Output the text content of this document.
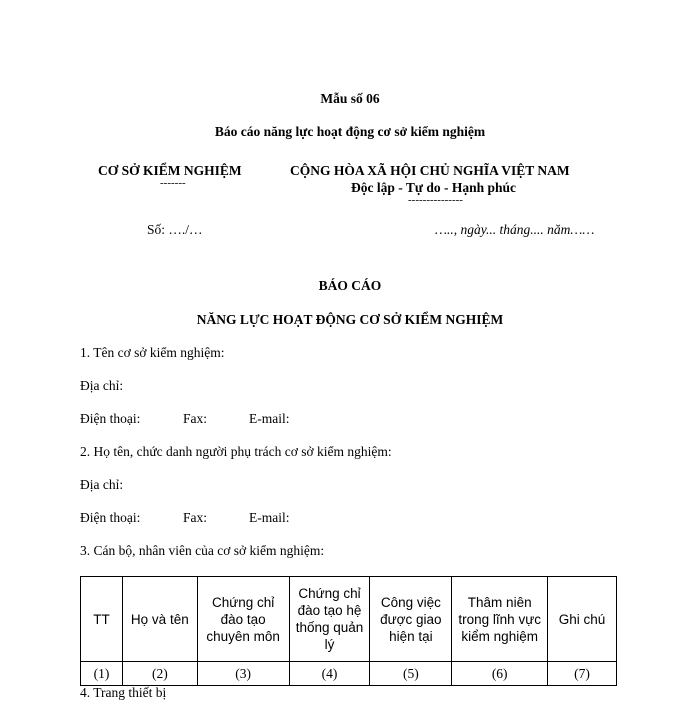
Mẫu số 06
Báo cáo năng lực hoạt động cơ sở kiểm nghiệm
CƠ SỞ KIỂM NGHIỆM
-------
CỘNG HÒA XÃ HỘI CHỦ NGHĨA VIỆT NAM
Độc lập - Tự do - Hạnh phúc
---------------
Số: …./…	….., ngày... tháng.... năm……
BÁO CÁO
NĂNG LỰC HOẠT ĐỘNG CƠ SỞ KIỂM NGHIỆM
1. Tên cơ sở kiểm nghiệm:
Địa chỉ:
Điện thoại:	Fax:	E-mail:
2. Họ tên, chức danh người phụ trách cơ sở kiểm nghiệm:
Địa chỉ:
Điện thoại:	Fax:	E-mail:
3. Cán bộ, nhân viên của cơ sở kiểm nghiệm:
TT	Họ và tên	Chứng chỉ đào tạo chuyên môn	Chứng chỉ đào tạo hệ thống quản lý	Công việc được giao hiện tại	Thâm niên trong lĩnh vực kiểm nghiệm	Ghi chú
(1)	(2)	(3)	(4)	(5)	(6)	(7)
4. Trang thiết bị
